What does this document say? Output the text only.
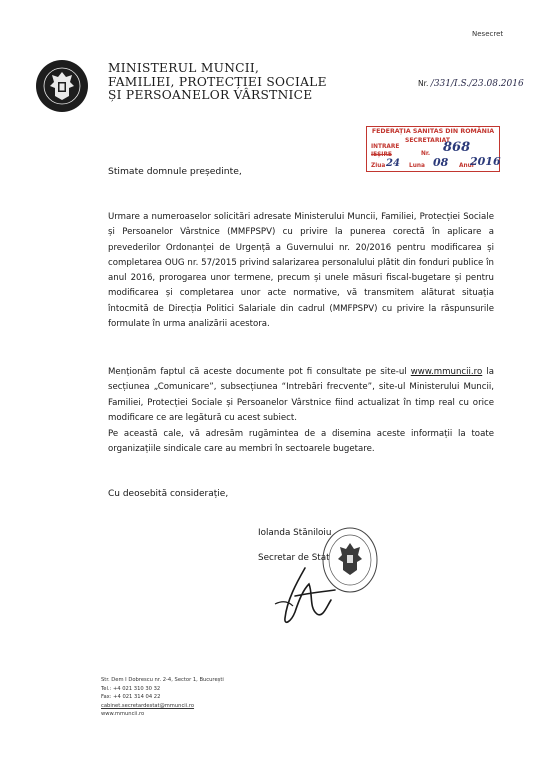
MINISTERUL MUNCII,
FAMILIEI, PROTECȚIEI SOCIALE
ȘI PERSOANELOR VÂRSTNICE
Nesecret
Nr. /331/I.S./23.08.2016
FEDERAȚIA SANITAS DIN ROMÂNIA
SECRETARIAT
INTRARE
IEȘIRE	Nr. 868
Ziua 24 Luna 08 Anul
2016
Stimate domnule președinte,
Urmare a numeroaselor solicitări adresate Ministerului Muncii, Familiei, Protecției Sociale și Persoanelor Vârstnice (MMFPSPV) cu privire la punerea corectă în aplicare a prevederilor Ordonanței de Urgență a Guvernului nr. 20/2016 pentru modificarea și completarea OUG nr. 57/2015 privind salarizarea personalului plătit din fonduri publice în anul 2016, prorogarea unor termene, precum și unele măsuri fiscal-bugetare și pentru modificarea și completarea unor acte normative, vă transmitem alăturat situația întocmită de Direcția Politici Salariale din cadrul (MMFPSPV) cu privire la răspunsurile formulate în urma analizării acestora.
Menționăm faptul că aceste documente pot fi consultate pe site-ul www.mmuncii.ro la secțiunea „Comunicare”, subsecțiunea “Intrebări frecvente”, site-ul Ministerului Muncii, Familiei, Protecției Sociale și Persoanelor Vârstnice fiind actualizat în timp real cu orice modificare ce are legătură cu acest subiect.
Pe această cale, vă adresăm rugămintea de a disemina aceste informații la toate organizațiile sindicale care au membri în sectoarele bugetare.
Cu deosebită considerație,
Iolanda Stăniloiu
Secretar de Stat
Str. Dem I Dobrescu nr. 2-4, Sector 1, București
Tel.: +4 021 310 30 32
Fax: +4 021 314 04 22
cabinet.secretardestat@mmuncii.ro
www.mmuncii.ro
